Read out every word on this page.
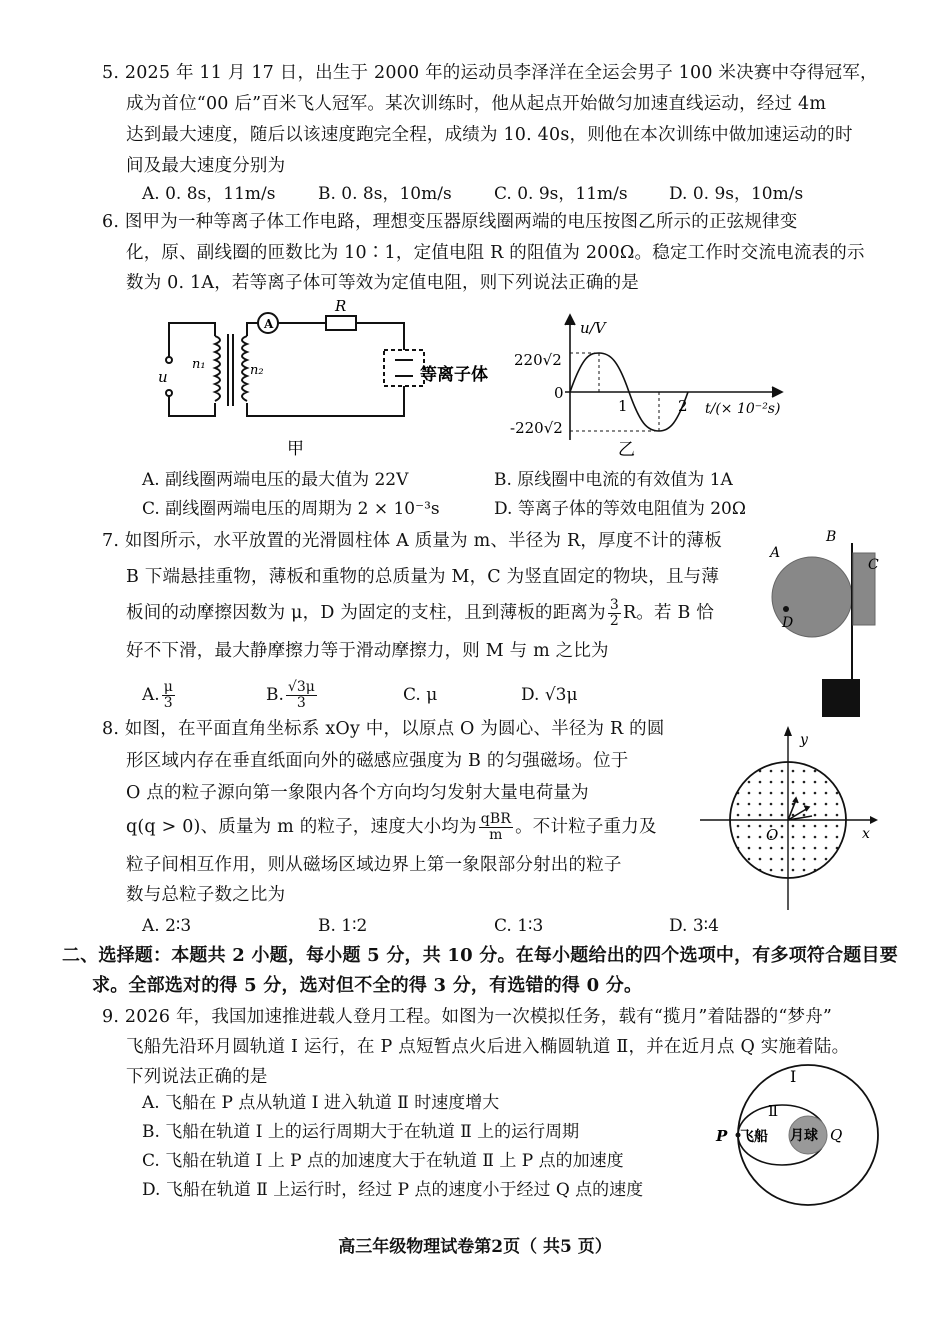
5. 2025 年 11 月 17 日，出生于 2000 年的运动员李泽洋在全运会男子 100 米决赛中夺得冠军，
成为首位“00 后”百米飞人冠军。某次训练时，他从起点开始做匀加速直线运动，经过 4m
达到最大速度，随后以该速度跑完全程，成绩为 10. 40s，则他在本次训练中做加速运动的时
间及最大速度分别为
A. 0. 8s，11m/s	B. 0. 8s，10m/s C. 0. 9s，11m/s D. 0. 9s，10m/s
6. 图甲为一种等离子体工作电路，理想变压器原线圈两端的电压按图乙所示的正弦规律变
化，原、副线圈的匝数比为 10∶1，定值电阻 R 的阻值为 200Ω。稳定工作时交流电流表的示
数为 0. 1A，若等离子体可等效为定值电阻，则下列说法正确的是
A
R
u
n₁	n₂	等离子体
甲
u/V
220√2
0
-220√2
1	2 t/(× 10⁻²s)
乙
A. 副线圈两端电压的最大值为 22V	B. 原线圈中电流的有效值为 1A
C. 副线圈两端电压的周期为 2 × 10⁻³s	D. 等离子体的等效电阻值为 20Ω
7. 如图所示，水平放置的光滑圆柱体 A 质量为 m、半径为 R，厚度不计的薄板
B 下端悬挂重物，薄板和重物的总质量为 M，C 为竖直固定的物块，且与薄
板间的动摩擦因数为 μ，D 为固定的支柱，且到薄板的距离为 $\frac{3}{2}$ R。若 B 恰
好不下滑，最大静摩擦力等于滑动摩擦力，则 M 与 m 之比为
A. $\frac{\mu}{3}$	B. $\frac{√3\mu}{3}$	C. μ	D. √3μ
A
B
C
D
8. 如图，在平面直角坐标系 xOy 中，以原点 O 为圆心、半径为 R 的圆
形区域内存在垂直纸面向外的磁感应强度为 B 的匀强磁场。位于
O 点的粒子源向第一象限内各个方向均匀发射大量电荷量为
q(q > 0)、质量为 m 的粒子，速度大小均为 $\frac{\text{qBR}}{m}$ 。不计粒子重力及
粒子间相互作用，则从磁场区域边界上第一象限部分射出的粒子
数与总粒子数之比为
A. 2∶3	B. 1∶2	C. 1∶3	D. 3∶4
y
x
O
二、选择题：本题共 2 小题，每小题 5 分，共 10 分。在每小题给出的四个选项中，有多项符合题目要
求。全部选对的得 5 分，选对但不全的得 3 分，有选错的得 0 分。
9. 2026 年，我国加速推进载人登月工程。如图为一次模拟任务，载有“揽月”着陆器的“梦舟”
飞船先沿环月圆轨道 Ⅰ 运行，在 P 点短暂点火后进入椭圆轨道 Ⅱ，并在近月点 Q 实施着陆。
下列说法正确的是
A. 飞船在 P 点从轨道 Ⅰ 进入轨道 Ⅱ 时速度增大
B. 飞船在轨道 Ⅰ 上的运行周期大于在轨道 Ⅱ 上的运行周期
C. 飞船在轨道 Ⅰ 上 P 点的加速度大于在轨道 Ⅱ 上 P 点的加速度
D. 飞船在轨道 Ⅱ 上运行时，经过 P 点的速度小于经过 Q 点的速度
Ⅰ
Ⅱ
P 飞船 月球 Q
高三年级物理试卷第2页（ 共5 页）
